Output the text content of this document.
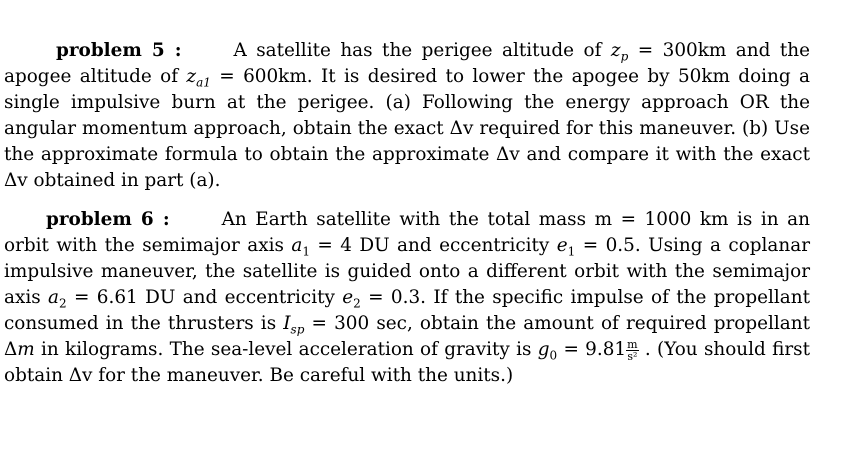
problem 5 :	A satellite has the perigee altitude of $z_p = 300km$ and the apogee altitude of $z_{a1} = 600km$. It is desired to lower the apogee by 50km doing a single impulsive burn at the perigee. (a) Following the energy approach OR the angular momentum approach, obtain the exact Δv required for this maneuver. (b) Use the approximate formula to obtain the approximate Δv and compare it with the exact Δv obtained in part (a).
problem 6 :	An Earth satellite with the total mass m = 1000 km is in an orbit with the semimajor axis $a_1 = 4$ DU and eccentricity $e_1 = 0.5$. Using a coplanar impulsive maneuver, the satellite is guided onto a different orbit with the semimajor axis $a_2 = 6.61$ DU and eccentricity $e_2 = 0.3$. If the specific impulse of the propellant consumed in the thrusters is $I_{sp} = 300$ sec, obtain the amount of required propellant Δm in kilograms. The sea-level acceleration of gravity is $g_0 = 9.81 \frac{m}{\text{s²}}$ . (You should first obtain Δv for the maneuver. Be careful with the units.)
